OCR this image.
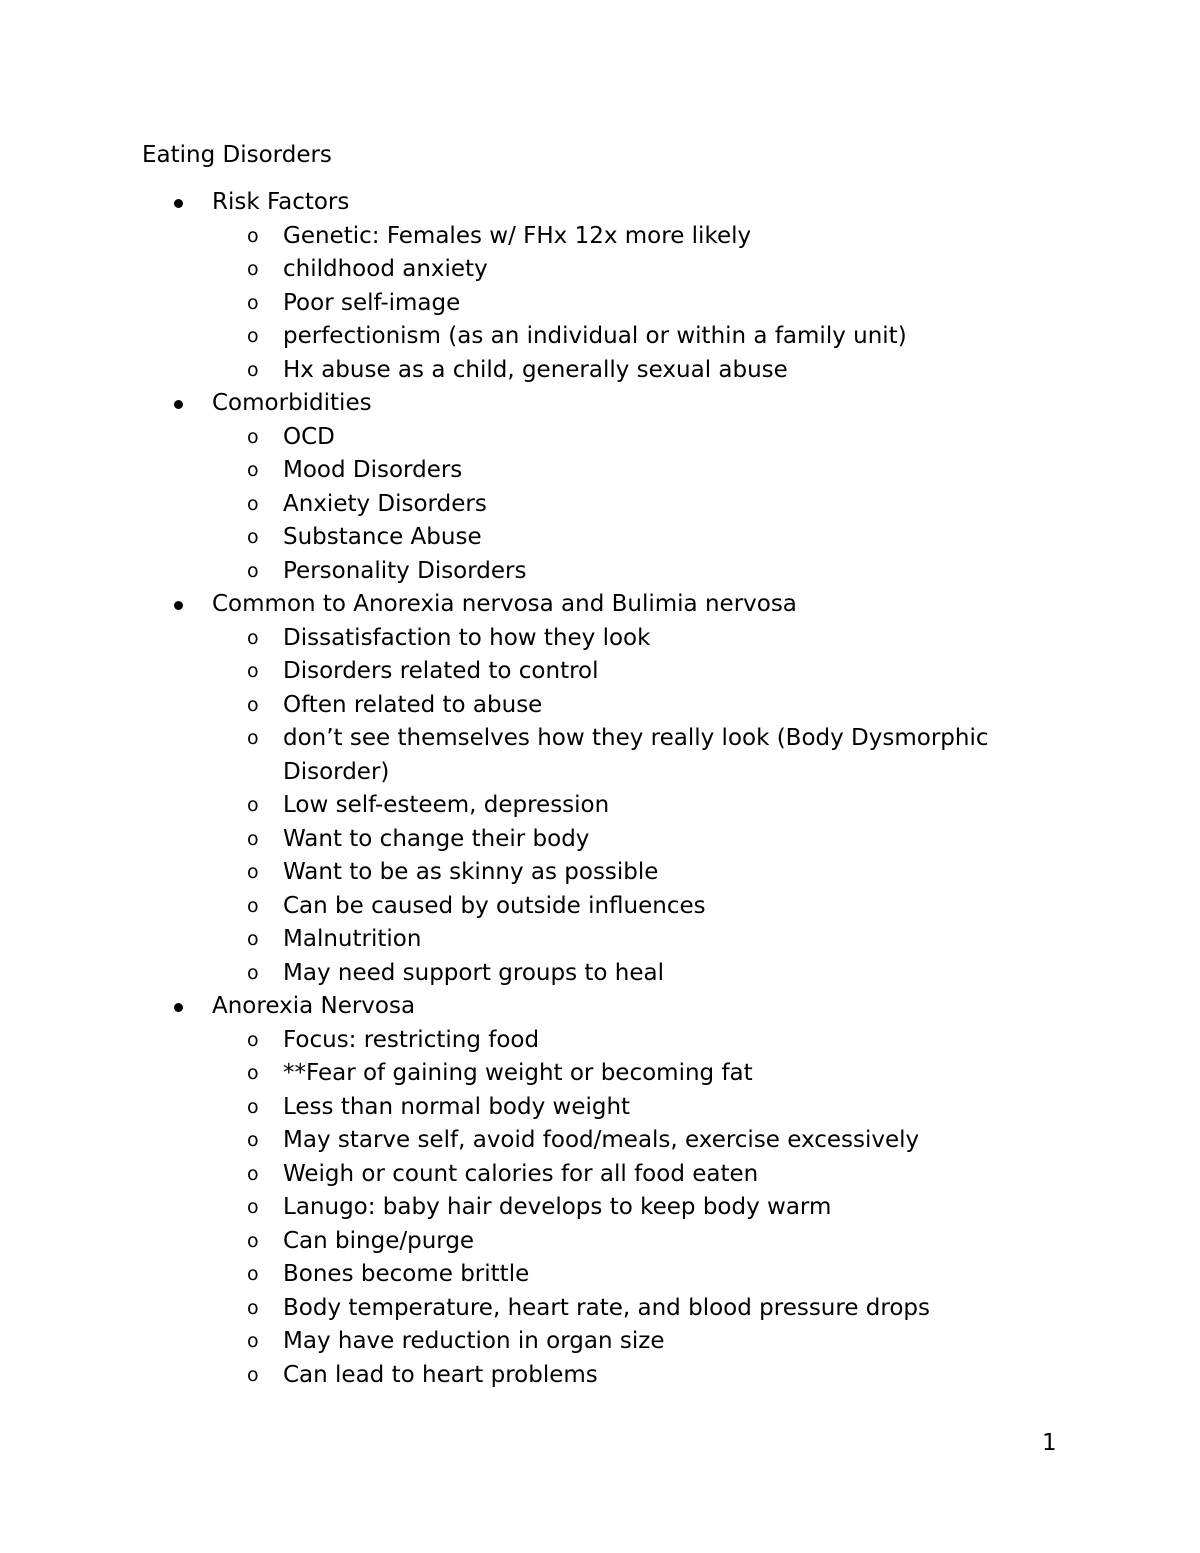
Eating Disorders
Risk Factors
o Genetic: Females w/ FHx 12x more likely
o childhood anxiety
o Poor self-image
o perfectionism (as an individual or within a family unit)
o Hx abuse as a child, generally sexual abuse
Comorbidities
o OCD
o Mood Disorders
o Anxiety Disorders
o Substance Abuse
o Personality Disorders
Common to Anorexia nervosa and Bulimia nervosa
o Dissatisfaction to how they look
o Disorders related to control
o Often related to abuse
o don’t see themselves how they really look (Body Dysmorphic Disorder)
o Low self-esteem, depression
o Want to change their body
o Want to be as skinny as possible
o Can be caused by outside influences
o Malnutrition
o May need support groups to heal
Anorexia Nervosa
o Focus: restricting food
o **Fear of gaining weight or becoming fat
o Less than normal body weight
o May starve self, avoid food/meals, exercise excessively
o Weigh or count calories for all food eaten
o Lanugo: baby hair develops to keep body warm
o Can binge/purge
o Bones become brittle
o Body temperature, heart rate, and blood pressure drops
o May have reduction in organ size
o Can lead to heart problems
1
